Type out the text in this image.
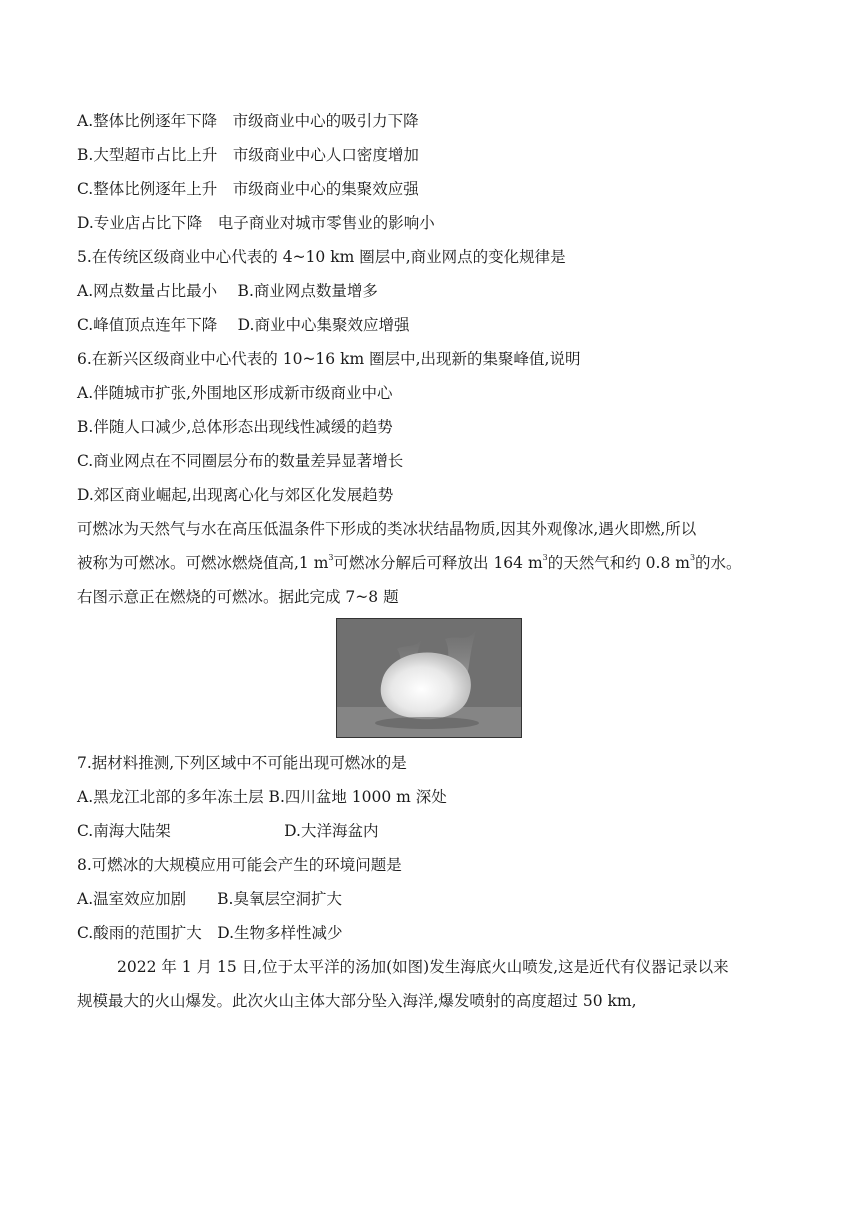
A.整体比例逐年下降　市级商业中心的吸引力下降
B.大型超市占比上升　市级商业中心人口密度增加
C.整体比例逐年上升　市级商业中心的集聚效应强
D.专业店占比下降　电子商业对城市零售业的影响小
5.在传统区级商业中心代表的 4~10 km 圈层中,商业网点的变化规律是
A.网点数量占比最小　 B.商业网点数量增多
C.峰值顶点连年下降　 D.商业中心集聚效应增强
6.在新兴区级商业中心代表的 10~16 km 圈层中,出现新的集聚峰值,说明
A.伴随城市扩张,外围地区形成新市级商业中心
B.伴随人口减少,总体形态出现线性减缓的趋势
C.商业网点在不同圈层分布的数量差异显著增长
D.郊区商业崛起,出现离心化与郊区化发展趋势
可燃冰为天然气与水在高压低温条件下形成的类冰状结晶物质,因其外观像冰,遇火即燃,所以
被称为可燃冰。可燃冰燃烧值高,1 $m^3$可燃冰分解后可释放出 164 $m^3$的天然气和约 0.8 $m^3$的水。
右图示意正在燃烧的可燃冰。据此完成 7~8 题
7.据材料推测,下列区域中不可能出现可燃冰的是
A.黑龙江北部的多年冻土层 B.四川盆地 1000 m 深处
C.南海大陆架　　　　　　　 D.大洋海盆内
8.可燃冰的大规模应用可能会产生的环境问题是
A.温室效应加剧　　B.臭氧层空洞扩大
C.酸雨的范围扩大　D.生物多样性减少
2022 年 1 月 15 日,位于太平洋的汤加(如图)发生海底火山喷发,这是近代有仪器记录以来
规模最大的火山爆发。此次火山主体大部分坠入海洋,爆发喷射的高度超过 50 km,
